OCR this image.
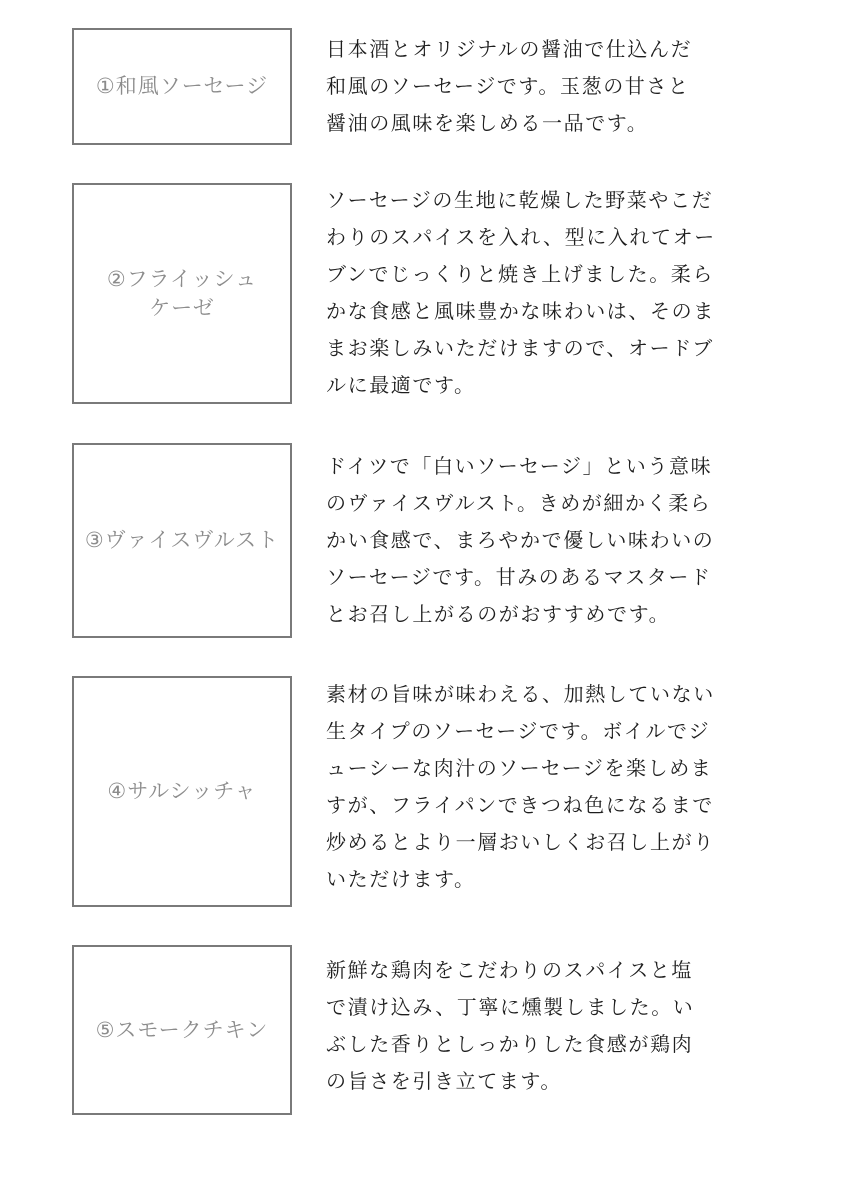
①和風ソーセージ

日本酒とオリジナルの醤油で仕込んだ
和風のソーセージです。玉葱の甘さと
醤油の風味を楽しめる一品です。

②フライッシュ
ケーゼ

ソーセージの生地に乾燥した野菜やこだ
わりのスパイスを入れ、型に入れてオー
ブンでじっくりと焼き上げました。柔ら
かな食感と風味豊かな味わいは、そのま
まお楽しみいただけますので、オードブ
ルに最適です。

③ヴァイスヴルスト

ドイツで「白いソーセージ」という意味
のヴァイスヴルスト。きめが細かく柔ら
かい食感で、まろやかで優しい味わいの
ソーセージです。甘みのあるマスタード
とお召し上がるのがおすすめです。

④サルシッチャ

素材の旨味が味わえる、加熱していない
生タイプのソーセージです。ボイルでジ
ューシーな肉汁のソーセージを楽しめま
すが、フライパンできつね色になるまで
炒めるとより一層おいしくお召し上がり
いただけます。

⑤スモークチキン

新鮮な鶏肉をこだわりのスパイスと塩
で漬け込み、丁寧に燻製しました。い
ぶした香りとしっかりした食感が鶏肉
の旨さを引き立てます。
